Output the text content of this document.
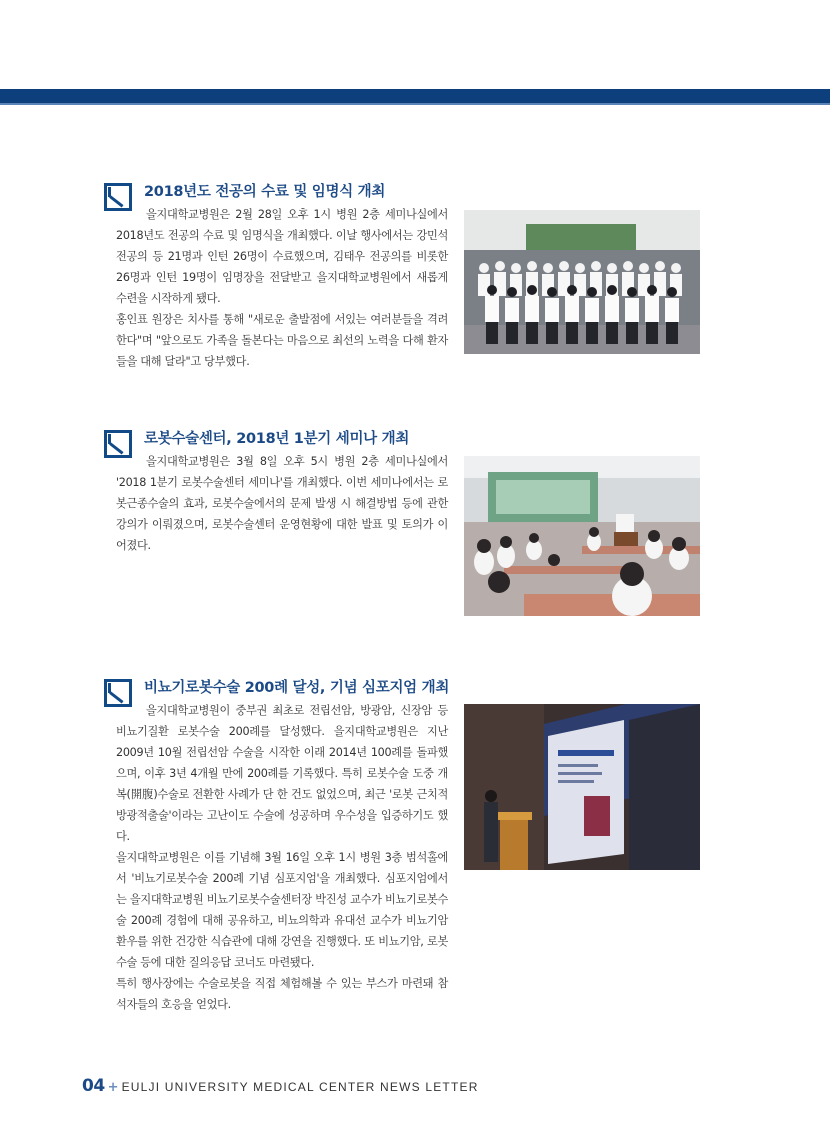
2018년도 전공의 수료 및 임명식 개최

을지대학교병원은 2월 28일 오후 1시 병원 2층 세미나실에서 2018년도 전공의 수료 및 임명식을 개최했다. 이날 행사에서는 강민석 전공의 등 21명과 인턴 26명이 수료했으며, 김태우 전공의를 비롯한 26명과 인턴 19명이 임명장을 전달받고 을지대학교병원에서 새롭게 수련을 시작하게 됐다.

홍인표 원장은 치사를 통해 "새로운 출발점에 서있는 여러분들을 격려한다"며 "앞으로도 가족을 돌본다는 마음으로 최선의 노력을 다해 환자들을 대해 달라"고 당부했다.

로봇수술센터, 2018년 1분기 세미나 개최

을지대학교병원은 3월 8일 오후 5시 병원 2층 세미나실에서 '2018 1분기 로봇수술센터 세미나'를 개최했다. 이번 세미나에서는 로봇근종수술의 효과, 로봇수술에서의 문제 발생 시 해결방법 등에 관한 강의가 이뤄졌으며, 로봇수술센터 운영현황에 대한 발표 및 토의가 이어졌다.

비뇨기로봇수술 200례 달성, 기념 심포지엄 개최

을지대학교병원이 중부권 최초로 전립선암, 방광암, 신장암 등 비뇨기질환 로봇수술 200례를 달성했다. 을지대학교병원은 지난 2009년 10월 전립선암 수술을 시작한 이래 2014년 100례를 돌파했으며, 이후 3년 4개월 만에 200례를 기록했다. 특히 로봇수술 도중 개복(開腹)수술로 전환한 사례가 단 한 건도 없었으며, 최근 '로봇 근치적 방광적출술'이라는 고난이도 수술에 성공하며 우수성을 입증하기도 했다.

을지대학교병원은 이를 기념해 3월 16일 오후 1시 병원 3층 범석홀에서 '비뇨기로봇수술 200례 기념 심포지엄'을 개최했다. 심포지엄에서는 을지대학교병원 비뇨기로봇수술센터장 박진성 교수가 비뇨기로봇수술 200례 경험에 대해 공유하고, 비뇨의학과 유대선 교수가 비뇨기암 환우를 위한 건강한 식습관에 대해 강연을 진행했다. 또 비뇨기암, 로봇수술 등에 대한 질의응답 코너도 마련됐다.

특히 행사장에는 수술로봇을 직접 체험해볼 수 있는 부스가 마련돼 참석자들의 호응을 얻었다.

04 + EULJI UNIVERSITY MEDICAL CENTER NEWS LETTER
